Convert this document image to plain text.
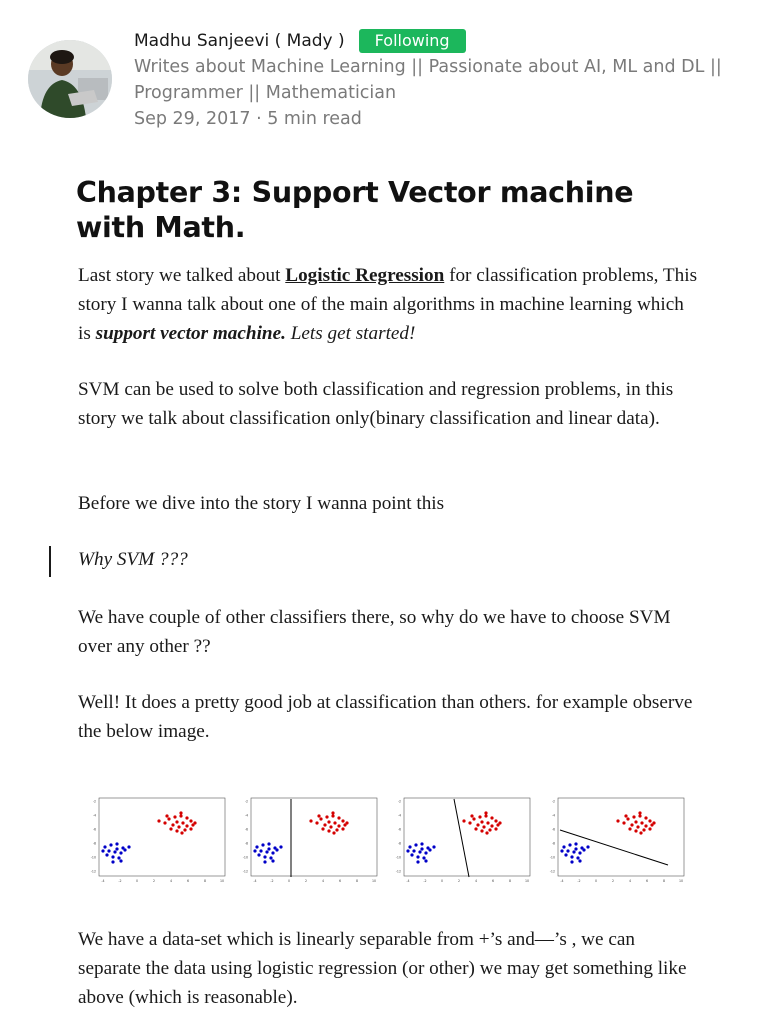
Madhu Sanjeevi ( Mady )	Following
Writes about Machine Learning || Passionate about AI, ML and DL || Programmer || Mathematician
Sep 29, 2017 · 5 min read
Chapter 3: Support Vector machine with Math.

Last story we talked about Logistic Regression for classification problems, This story I wanna talk about one of the main algorithms in machine learning which is support vector machine. Lets get started!

SVM can be used to solve both classification and regression problems, in this story we talk about classification only(binary classification and linear data).

Before we dive into the story I wanna point this

Why SVM ???

We have couple of other classifiers there, so why do we have to choose SVM over any other ??

Well! It does a pretty good job at classification than others. for example observe the below image.

-2
-4
-6
-8
-10
-12
-4	-2	0	2	4	6	8	10
-2
-4
-6
-8
-10
-12
-4	-2	0	2	4	6	8	10
-2
-4
-6
-8
-10
-12
-4	-2	0	2	4	6	8	10
-2
-4
-6
-8
-10
-12
-4	-2	0	2	4	6	8	10

We have a data-set which is linearly separable from +’s and—’s , we can separate the data using logistic regression (or other) we may get something like above (which is reasonable).
